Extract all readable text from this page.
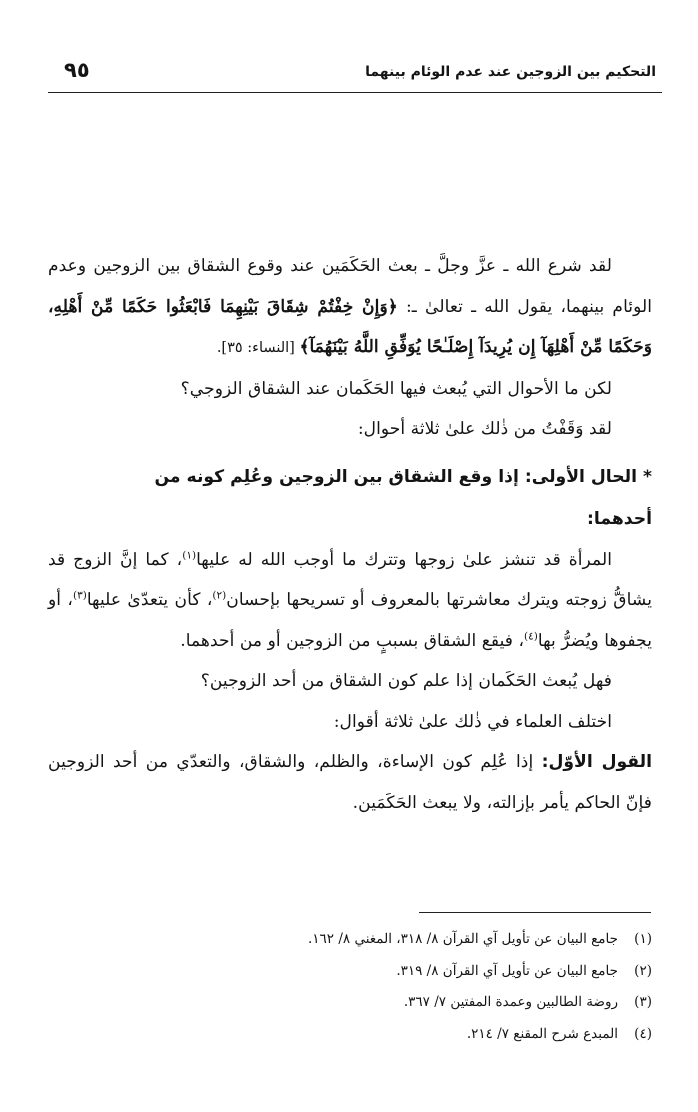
التحكيم بين الزوجين عند عدم الوئام بينهما
٩٥

لقد شرع الله ـ عزَّ وجلَّ ـ بعث الحَكَمَين عند وقوع الشقاق بين الزوجين وعدم الوئام بينهما، يقول الله ـ تعالىٰ ـ: ﴿وَإِنْ خِفْتُمْ شِقَاقَ بَيْنِهِمَا فَابْعَثُوا حَكَمًا مِّنْ أَهْلِهِ، وَحَكَمًا مِّنْ أَهْلِهَآ إِن يُرِيدَآ إِصْلَـٰحًا يُوَفِّقِ اللَّهُ بَيْنَهُمَآ﴾ [النساء: ٣٥].

لكن ما الأحوال التي يُبعث فيها الحَكَمان عند الشقاق الزوجي؟

لقد وَقَفْتُ من ذٰلك علىٰ ثلاثة أحوال:

*الحال الأولى: إذا وقع الشقاق بين الزوجين وعُلِم كونه من
أحدهما:

المرأة قد تنشز علىٰ زوجها وتترك ما أوجب الله له عليها$^{(١)}$، كما إنَّ الزوج قد يشاقُّ زوجته ويترك معاشرتها بالمعروف أو تسريحها بإحسان$^{(٢)}$، كأن يتعدّىٰ عليها$^{(٣)}$، أو يجفوها ويُضرُّ بها$^{(٤)}$، فيقع الشقاق بسببٍ من الزوجين أو من أحدهما.

فهل يُبعث الحَكَمان إذا علم كون الشقاق من أحد الزوجين؟

اختلف العلماء في ذٰلك علىٰ ثلاثة أقوال:

القول الأوّل: إذا عُلِم كون الإساءة، والظلم، والشقاق، والتعدّي من أحد الزوجين فإنّ الحاكم يأمر بإزالته، ولا يبعث الحَكَمَين.

(١)جامع البيان عن تأويل آي القرآن ٨/ ٣١٨، المغني ٨/ ١٦٢.
(٢)جامع البيان عن تأويل آي القرآن ٨/ ٣١٩.
(٣)روضة الطالبين وعمدة المفتين ٧/ ٣٦٧.
(٤)المبدع شرح المقنع ٧/ ٢١٤.
